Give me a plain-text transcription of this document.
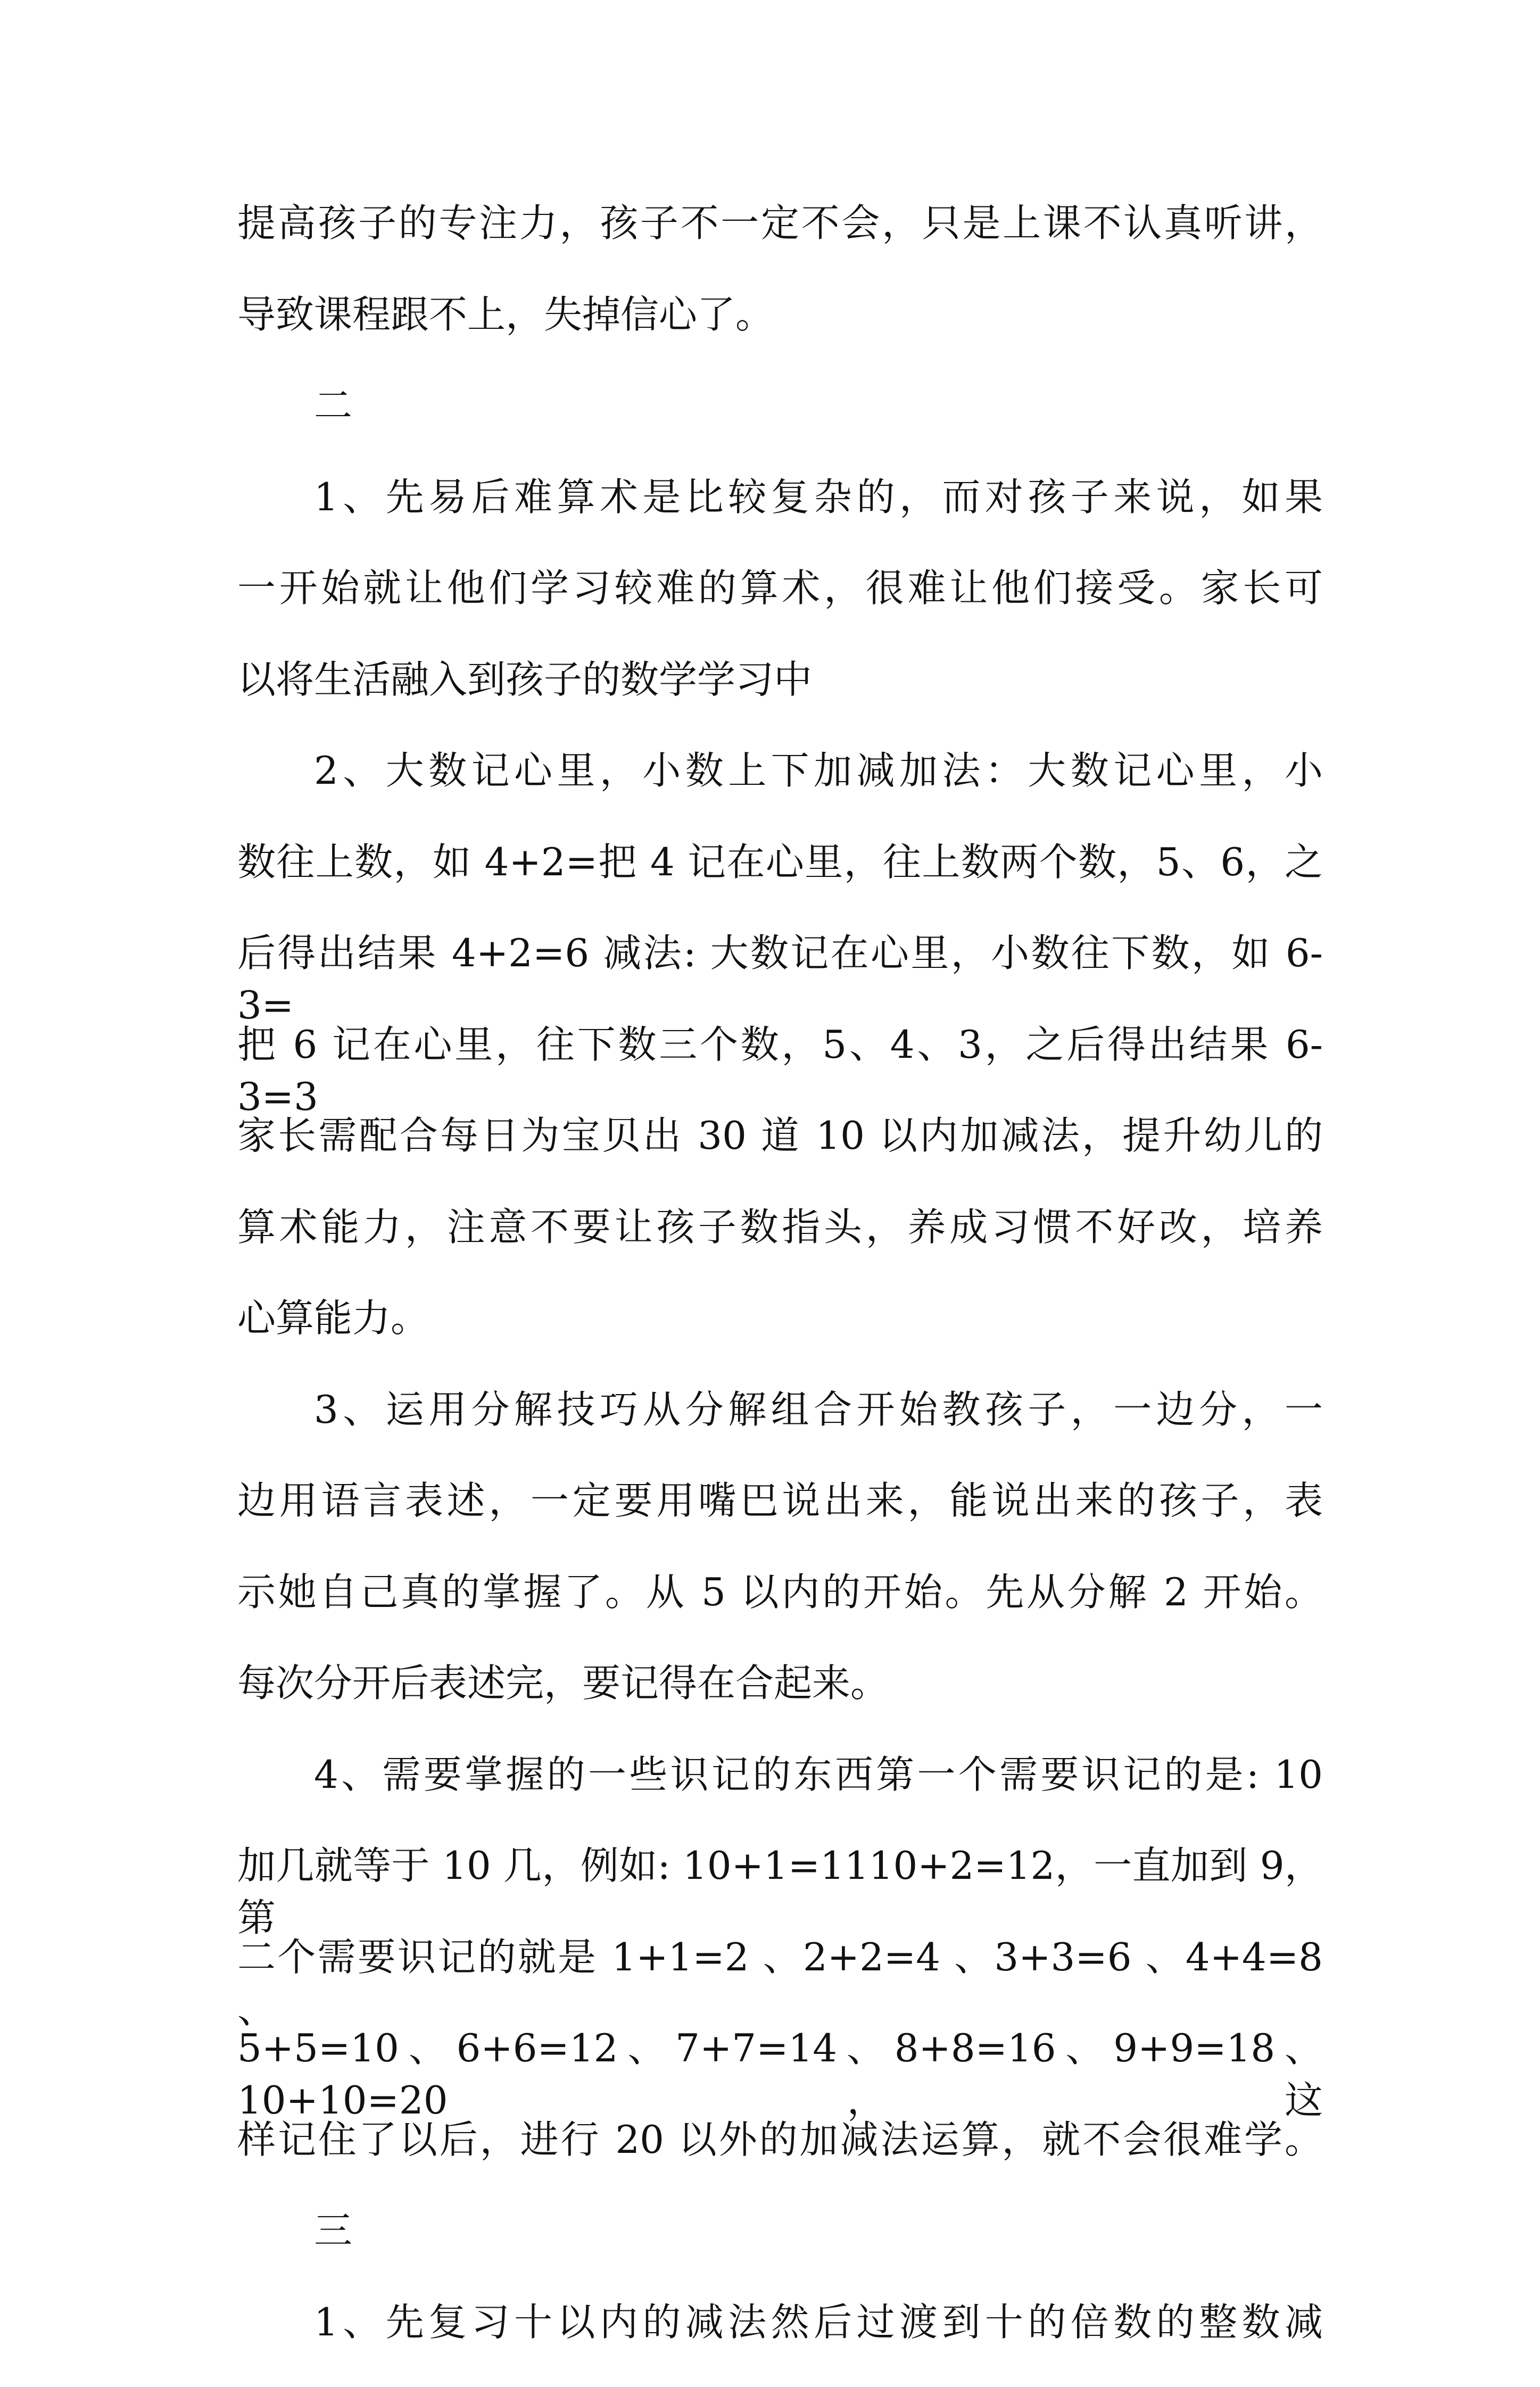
提高孩子的专注力，孩子不一定不会，只是上课不认真听讲，
导致课程跟不上，失掉信心了。
二
1、先易后难算术是比较复杂的，而对孩子来说，如果
一开始就让他们学习较难的算术，很难让他们接受。家长可
以将生活融入到孩子的数学学习中
2、大数记心里，小数上下加减加法：大数记心里，小
数往上数，如 4+2=把 4 记在心里，往上数两个数，5、6，之
后得出结果 4+2=6 减法: 大数记在心里，小数往下数，如 6-3=
把 6 记在心里，往下数三个数，5、4、3，之后得出结果 6-3=3
家长需配合每日为宝贝出 30 道 10 以内加减法，提升幼儿的
算术能力，注意不要让孩子数指头，养成习惯不好改，培养
心算能力。
3、运用分解技巧从分解组合开始教孩子，一边分，一
边用语言表述，一定要用嘴巴说出来，能说出来的孩子，表
示她自己真的掌握了。从 5 以内的开始。先从分解 2 开始。
每次分开后表述完，要记得在合起来。
4、需要掌握的一些识记的东西第一个需要识记的是: 10
加几就等于 10 几，例如: 10+1=1110+2=12，一直加到 9，第
二个需要识记的就是 1+1=2 、2+2=4 、3+3=6 、4+4=8 、
5+5=10、6+6=12、7+7=14、8+8=16、9+9=18、10+10=20，这
样记住了以后，进行 20 以外的加减法运算，就不会很难学。
三
1、先复习十以内的减法然后过渡到十的倍数的整数减
